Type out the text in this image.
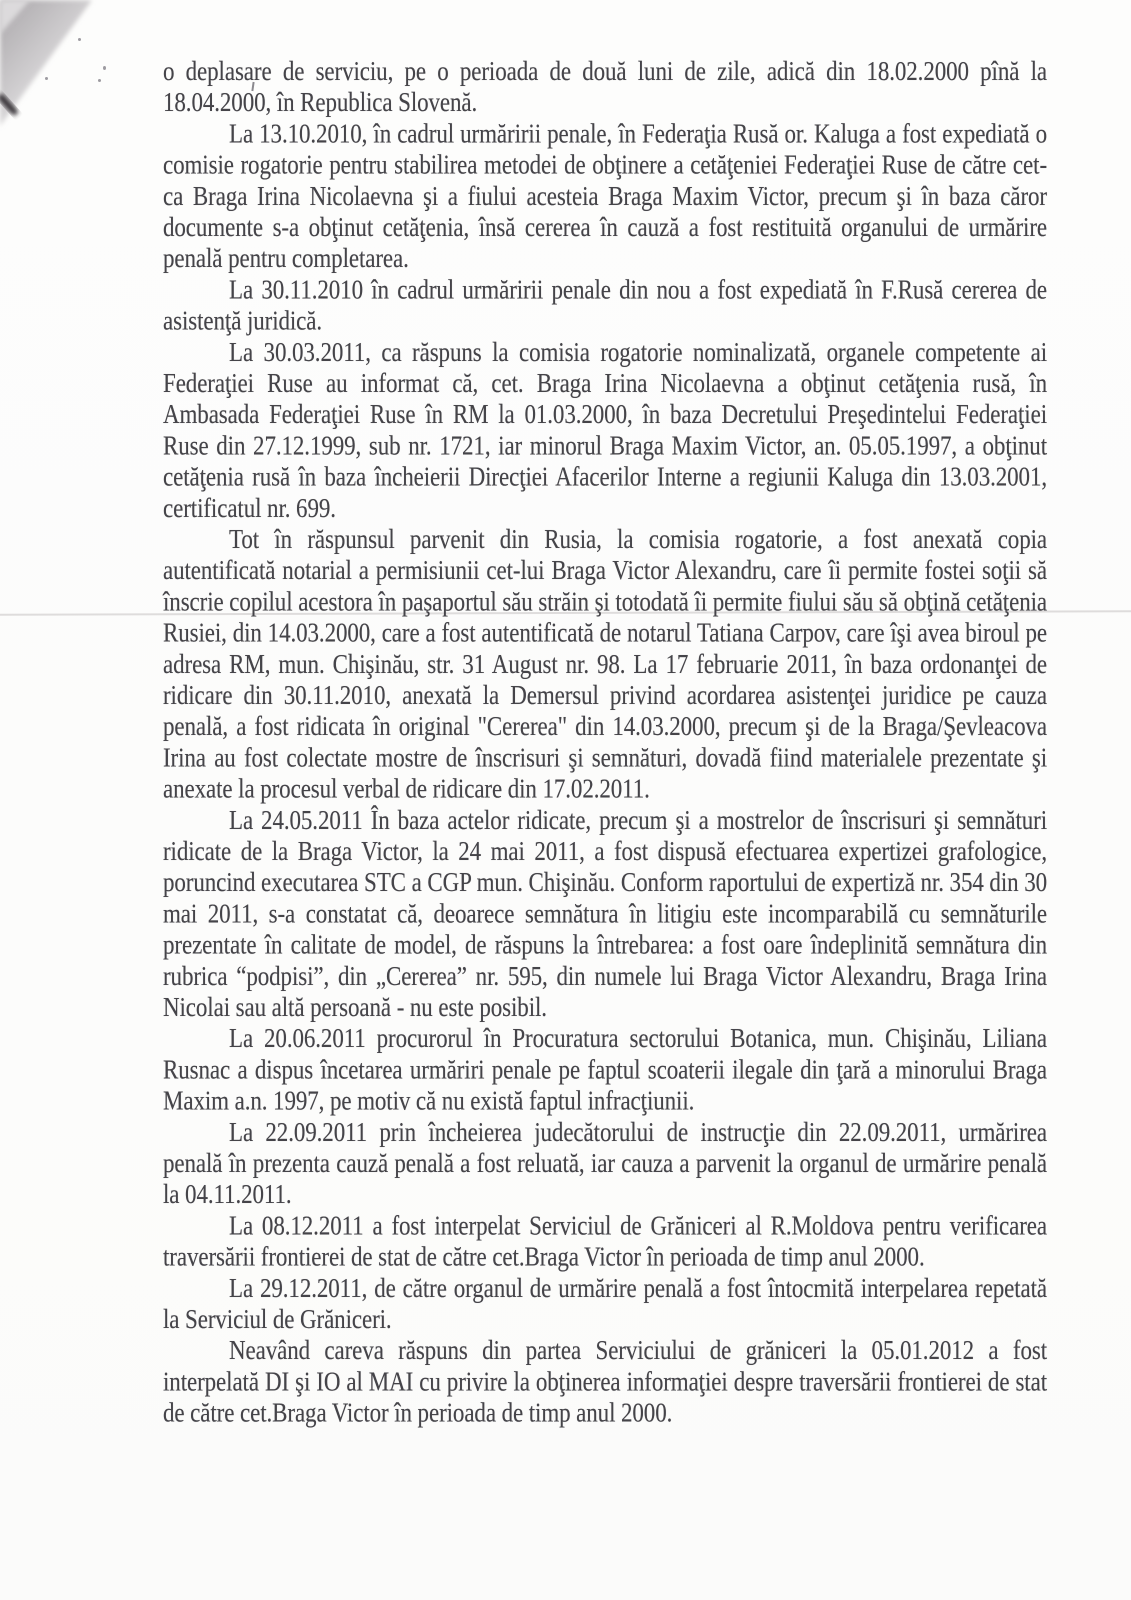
o deplasare de serviciu, pe o perioada de două luni de zile, adică din 18.02.2000 pînă la 18.04.2000, în Republica Slovenă.

La 13.10.2010, în cadrul urmăririi penale, în Federaţia Rusă or. Kaluga a fost expediată o comisie rogatorie pentru stabilirea metodei de obţinere a cetăţeniei Federaţiei Ruse de către cet-ca Braga Irina Nicolaevna şi a fiului acesteia Braga Maxim Victor, precum şi în baza căror documente s-a obţinut cetăţenia, însă cererea în cauză a fost restituită organului de urmărire penală pentru completarea.

La 30.11.2010 în cadrul urmăririi penale din nou a fost expediată în F.Rusă cererea de asistenţă juridică.

La 30.03.2011, ca răspuns la comisia rogatorie nominalizată, organele competente ai Federaţiei Ruse au informat că, cet. Braga Irina Nicolaevna a obţinut cetăţenia rusă, în Ambasada Federaţiei Ruse în RM la 01.03.2000, în baza Decretului Preşedintelui Federaţiei Ruse din 27.12.1999, sub nr. 1721, iar minorul Braga Maxim Victor, an. 05.05.1997, a obţinut cetăţenia rusă în baza încheierii Direcţiei Afacerilor Interne a regiunii Kaluga din 13.03.2001, certificatul nr. 699.

Tot în răspunsul parvenit din Rusia, la comisia rogatorie, a fost anexată copia autentificată notarial a permisiunii cet-lui Braga Victor Alexandru, care îi permite fostei soţii să înscrie copilul acestora în paşaportul său străin şi totodată îi permite fiului său să obţină cetăţenia Rusiei, din 14.03.2000, care a fost autentificată de notarul Tatiana Carpov, care îşi avea biroul pe adresa RM, mun. Chişinău, str. 31 August nr. 98. La 17 februarie 2011, în baza ordonanţei de ridicare din 30.11.2010, anexată la Demersul privind acordarea asistenţei juridice pe cauza penală, a fost ridicata în original "Cererea" din 14.03.2000, precum şi de la Braga/Şevleacova Irina au fost colectate mostre de înscrisuri şi semnături, dovadă fiind materialele prezentate şi anexate la procesul verbal de ridicare din 17.02.2011.

La 24.05.2011 În baza actelor ridicate, precum şi a mostrelor de înscrisuri şi semnături ridicate de la Braga Victor, la 24 mai 2011, a fost dispusă efectuarea expertizei grafologice, poruncind executarea STC a CGP mun. Chişinău. Conform raportului de expertiză nr. 354 din 30 mai 2011, s-a constatat că, deoarece semnătura în litigiu este incomparabilă cu semnăturile prezentate în calitate de model, de răspuns la întrebarea: a fost oare îndeplinită semnătura din rubrica “podpisi”, din „Cererea” nr. 595, din numele lui Braga Victor Alexandru, Braga Irina Nicolai sau altă persoană - nu este posibil.

La 20.06.2011 procurorul în Procuratura sectorului Botanica, mun. Chişinău, Liliana Rusnac a dispus încetarea urmăriri penale pe faptul scoaterii ilegale din ţară a minorului Braga Maxim a.n. 1997, pe motiv că nu există faptul infracţiunii.

La 22.09.2011 prin încheierea judecătorului de instrucţie din 22.09.2011, urmărirea penală în prezenta cauză penală a fost reluată, iar cauza a parvenit la organul de urmărire penală la 04.11.2011.

La 08.12.2011 a fost interpelat Serviciul de Grăniceri al R.Moldova pentru verificarea traversării frontierei de stat de către cet.Braga Victor în perioada de timp anul 2000.

La 29.12.2011, de către organul de urmărire penală a fost întocmită interpelarea repetată la Serviciul de Grăniceri.

Neavând careva răspuns din partea Serviciului de grăniceri la 05.01.2012 a fost interpelată DI şi IO al MAI cu privire la obţinerea informaţiei despre traversării frontierei de stat de către cet.Braga Victor în perioada de timp anul 2000.
